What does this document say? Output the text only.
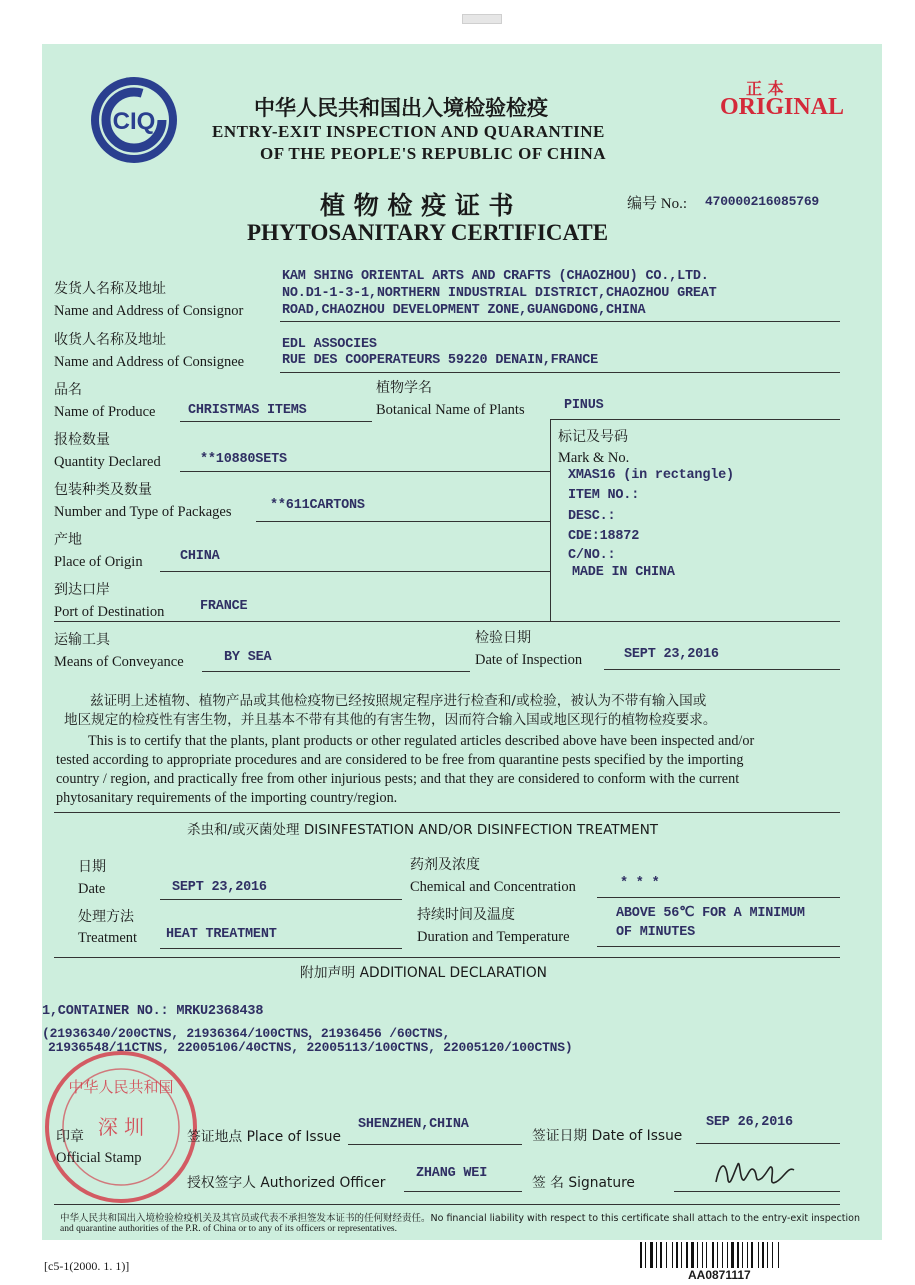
CIQ	中华人民共和国出入境检验检疫
ENTRY-EXIT INSPECTION AND QUARANTINE
OF THE PEOPLE'S REPUBLIC OF CHINA
正 本
ORIGINAL
植 物 检 疫 证 书
PHYTOSANITARY CERTIFICATE
编号 No.: 470000216085769
发货人名称及地址
Name and Address of Consignor
KAM SHING ORIENTAL ARTS AND CRAFTS (CHAOZHOU) CO.,LTD.
NO.D1-1-3-1,NORTHERN INDUSTRIAL DISTRICT,CHAOZHOU GREAT
ROAD,CHAOZHOU DEVELOPMENT ZONE,GUANGDONG,CHINA
收货人名称及地址
Name and Address of Consignee
EDL ASSOCIES
RUE DES COOPERATEURS 59220 DENAIN,FRANCE
品名
Name of Produce CHRISTMAS ITEMS
植物学名
Botanical Name of Plants	PINUS
报检数量
Quantity Declared	**10880SETS
包装种类及数量
Number and Type of Packages	**611CARTONS
产地
Place of Origin	CHINA
到达口岸
Port of Destination	FRANCE
标记及号码
Mark & No.
XMAS16 (in rectangle)
ITEM NO.:
DESC.:
CDE:18872
C/NO.:
MADE IN CHINA
运输工具
Means of Conveyance	BY SEA
检验日期
Date of Inspection	SEPT 23,2016
兹证明上述植物、植物产品或其他检疫物已经按照规定程序进行检查和/或检验，被认为不带有输入国或
地区规定的检疫性有害生物，并且基本不带有其他的有害生物，因而符合输入国或地区现行的植物检疫要求。
This is to certify that the plants, plant products or other regulated articles described above have been inspected and/or
tested according to appropriate procedures and are considered to be free from quarantine pests specified by the importing
country / region, and practically free from other injurious pests; and that they are considered to conform with the current
phytosanitary requirements of the importing country/region.
杀虫和/或灭菌处理 DISINFESTATION AND/OR DISINFECTION TREATMENT
日期
Date	SEPT 23,2016
药剂及浓度
Chemical and Concentration	* * *
处理方法
Treatment HEAT TREATMENT
持续时间及温度
Duration and Temperature
ABOVE 56℃ FOR A MINIMUM
OF MINUTES
附加声明 ADDITIONAL DECLARATION
1,CONTAINER NO.: MRKU2368438
(21936340/200CTNS, 21936364/100CTNS，21936456 /60CTNS,
21936548/11CTNS, 22005106/40CTNS, 22005113/100CTNS, 22005120/100CTNS)
中华人民共和国
深 圳
印章
Official Stamp
签证地点 Place of Issue
SHENZHEN,CHINA
签证日期 Date of Issue
SEP 26,2016
授权签字人 Authorized Officer
ZHANG WEI
签 名 Signature
中华人民共和国出入境检验检疫机关及其官员或代表不承担签发本证书的任何财经责任。No financial liability with respect to this certificate shall attach to the entry-exit inspection
and quarantine authorities of the P.R. of China or to any of its officers or representatives.
[c5-1(2000. 1. 1)]
AA0871117
